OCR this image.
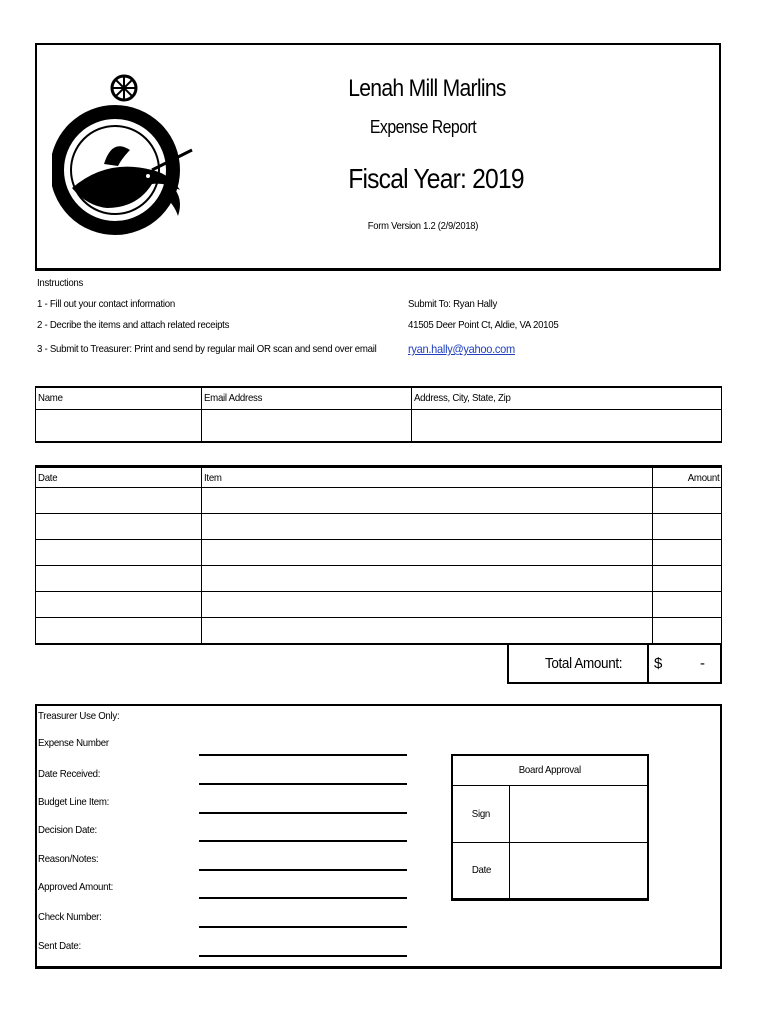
Lenah Mill Marlins
Expense Report
Fiscal Year: 2019
Form Version 1.2 (2/9/2018)
Instructions
1 - Fill out your contact information
2 - Decribe the items and attach related receipts
3 - Submit to Treasurer: Print and send by regular mail OR scan and send over email
Submit To: Ryan Hally
41505 Deer Point Ct, Aldie, VA 20105
ryan.hally@yahoo.com
Name	Email Address	Address, City, State, Zip

Date	Item	Amount

Total Amount: $	-
Treasurer Use Only:
Expense Number
Date Received:
Budget Line Item:
Decision Date:
Reason/Notes:
Approved Amount:
Check Number:
Sent Date:
Board Approval	
Sign	
Date	
